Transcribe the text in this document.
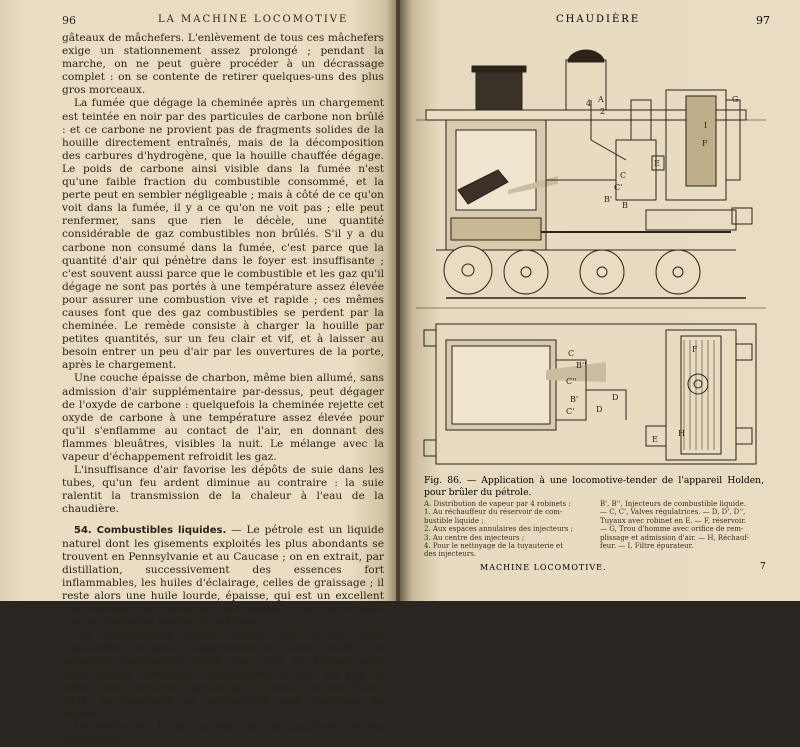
96	LA MACHINE LOCOMOTIVE

gâteaux de mâchefers. L'enlèvement de tous ces mâchefers exige un stationnement assez prolongé ; pendant la marche, on ne peut guère procéder à un décrassage complet : on se contente de retirer quelques-uns des plus gros morceaux.

La fumée que dégage la cheminée après un chargement est teintée en noir par des particules de carbone non brûlé : et ce carbone ne provient pas de fragments solides de la houille directement entraînés, mais de la décomposition des carbures d'hydrogène, que la houille chauffée dégage. Le poids de carbone ainsi visible dans la fumée n'est qu'une faible fraction du combustible consommé, et la perte peut en sembler négligeable ; mais à côté de ce qu'on voit dans la fumée, il y a ce qu'on ne voit pas ; elle peut renfermer, sans que rien le décèle, une quantité considérable de gaz combustibles non brûlés. S'il y a du carbone non consumé dans la fumée, c'est parce que la quantité d'air qui pénètre dans le foyer est insuffisante ; c'est souvent aussi parce que le combustible et les gaz qu'il dégage ne sont pas portés à une température assez élevée pour assurer une combustion vive et rapide ; ces mêmes causes font que des gaz combustibles se perdent par la cheminée. Le remède consiste à charger la houille par petites quantités, sur un feu clair et vif, et à laisser au besoin entrer un peu d'air par les ouvertures de la porte, après le chargement.

Une couche épaisse de charbon, même bien allumé, sans admission d'air supplémentaire par-dessus, peut dégager de l'oxyde de carbone : quelquefois la cheminée rejette cet oxyde de carbone à une température assez élevée pour qu'il s'enflamme au contact de l'air, en donnant des flammes bleuâtres, visibles la nuit. Le mélange avec la vapeur d'échappement refroidit les gaz.

L'insuffisance d'air favorise les dépôts de suie dans les tubes, qu'un feu ardent diminue au contraire : la suie ralentit la transmission de la chaleur à l'eau de la chaudière.

54. Combustibles liquides. — Le pétrole est un liquide naturel dont les gisements exploités les plus abondants se trouvent en Pennsylvanie et au Caucase ; on en extrait, par distillation, successivement des essences fort inflammables, les huiles d'éclairage, celles de graissage ; il reste alors une huile lourde, épaisse, qui est un excellent combustible. Les goudrons des usines à gaz se brûlent comme les huiles lourdes de pétrole.

Dix kilogrammes d'huile lourde sont à peu près l'équivalent de quinze kilogrammes de bonne houille. Cet excellent combustible coûte trop cher en France pour qu'on puisse l'employer couramment. Il n'en est pas de même dans certaines parties de la Russie, et des États-Unis, ou beaucoup de locomotives sont chauffées au pétrole.

On brûle les huiles lourdes et les goudrons en les pulvérisant

CHAUDIÈRE	97
4 A
2
G
I
F
E
C
C'
B
B'
C
B''
C''
B'
C'
D
D
F
E
H
Fig. 86. — Application à une locomotive-tender de l'appareil Holden, pour brûler du pétrole.
A. Distribution de vapeur par 4 robinets :
1. Au réchauffeur du réservoir de com-
bustible liquide ;
2. Aux espaces annulaires des injecteurs ;
3. Au centre des injecteurs ;
4. Pour le nettoyage de la tuyauterie et
des injecteurs.
B', B'', Injecteurs de combustible liquide.
— C, C', Valves régulatrices. — D, D', D'',
Tuyaux avec robinet en E. — F, réservoir.
— G, Trou d'homme avec orifice de rem-
plissage et admission d'air. — H, Réchauf-
feur. — I, Filtre épurateur.
MACHINE LOCOMOTIVE.	7
